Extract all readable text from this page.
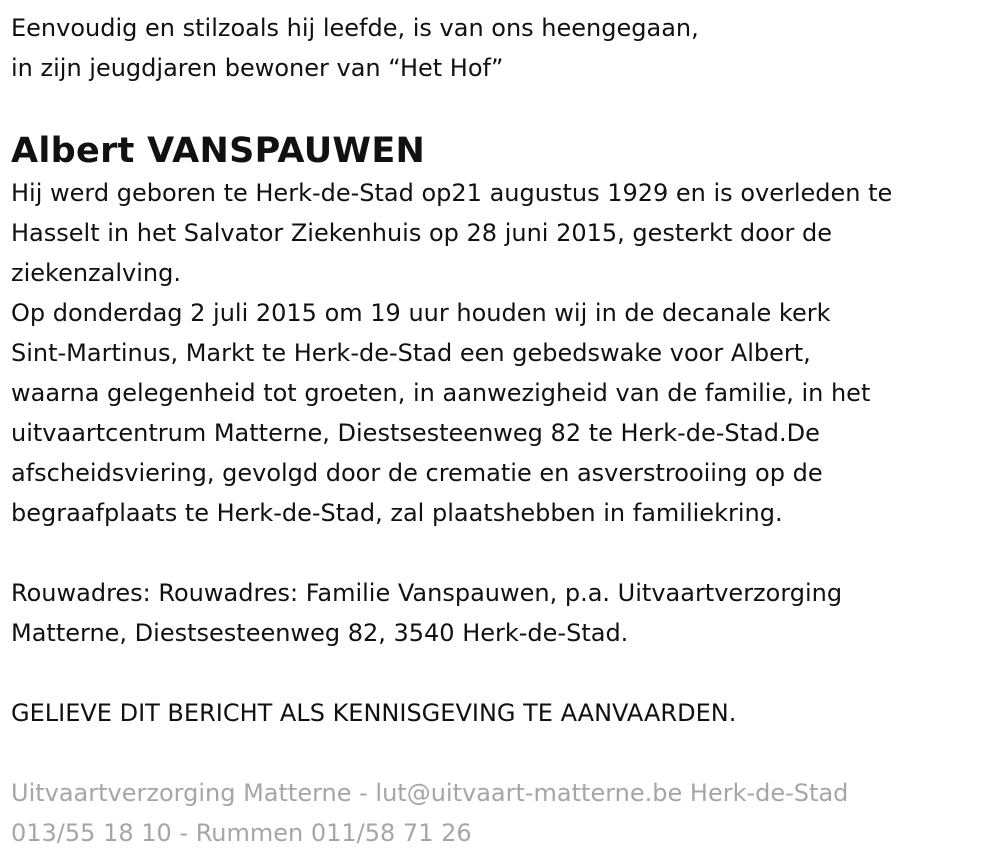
Eenvoudig en stilzoals hij leefde, is van ons heengegaan,

in zijn jeugdjaren bewoner van “Het Hof”

Albert VANSPAUWEN

Hij werd geboren te Herk-de-Stad op21 augustus 1929 en is overleden te
Hasselt in het Salvator Ziekenhuis op 28 juni 2015, gesterkt door de
ziekenzalving.

Op donderdag 2 juli 2015 om 19 uur houden wij in de decanale kerk
Sint-Martinus, Markt te Herk-de-Stad een gebedswake voor Albert,
waarna gelegenheid tot groeten, in aanwezigheid van de familie, in het
uitvaartcentrum Matterne, Diestsesteenweg 82 te Herk-de-Stad.De
afscheidsviering, gevolgd door de crematie en asverstrooiing op de
begraafplaats te Herk-de-Stad, zal plaatshebben in familiekring.

Rouwadres: Rouwadres: Familie Vanspauwen, p.a. Uitvaartverzorging
Matterne, Diestsesteenweg 82, 3540 Herk-de-Stad.

GELIEVE DIT BERICHT ALS KENNISGEVING TE AANVAARDEN.

Uitvaartverzorging Matterne - lut@uitvaart-matterne.be Herk-de-Stad

013/55 18 10 - Rummen 011/58 71 26
